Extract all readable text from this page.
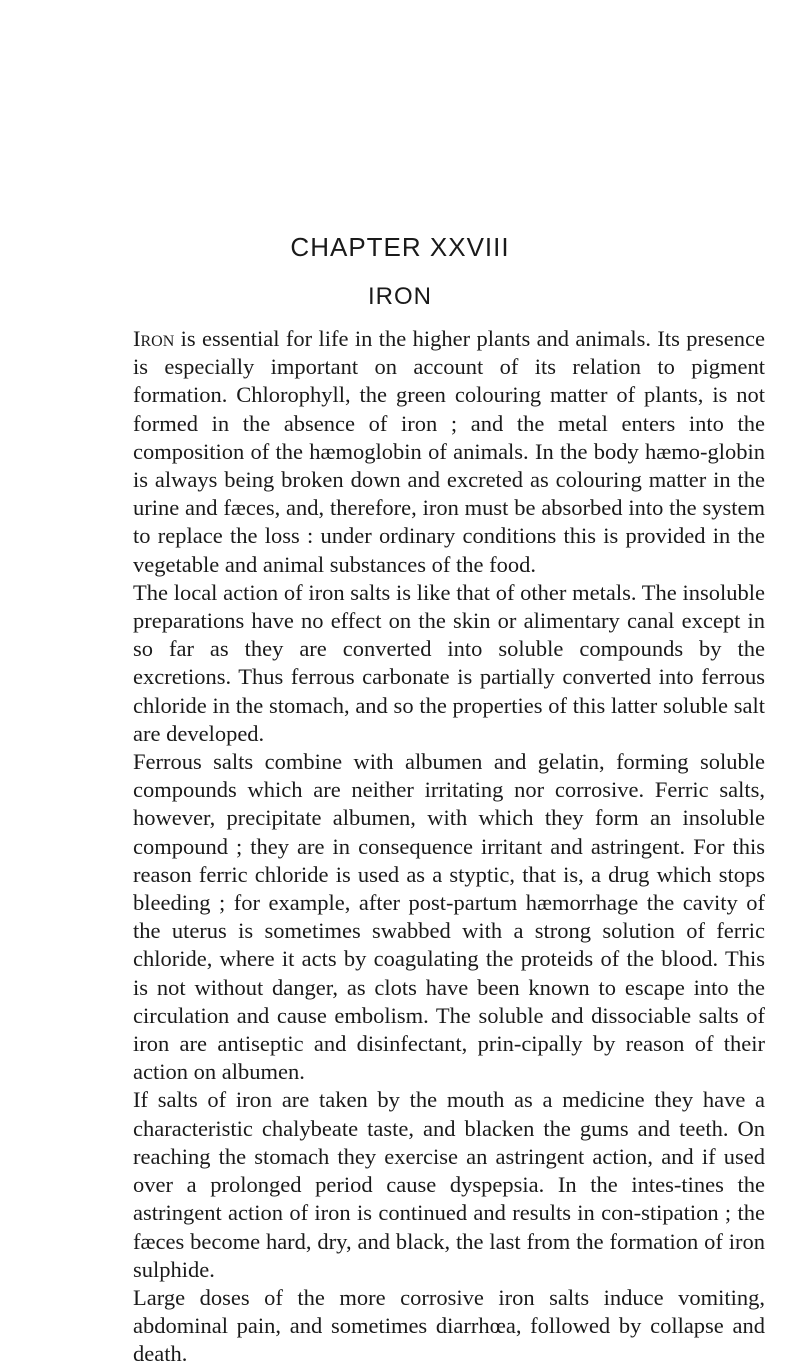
CHAPTER XXVIII
IRON

Iron is essential for life in the higher plants and animals. Its presence is especially important on account of its relation to pigment formation. Chlorophyll, the green colouring matter of plants, is not formed in the absence of iron ; and the metal enters into the composition of the hæmoglobin of animals. In the body hæmo-globin is always being broken down and excreted as colouring matter in the urine and fæces, and, therefore, iron must be absorbed into the system to replace the loss : under ordinary conditions this is provided in the vegetable and animal substances of the food.

The local action of iron salts is like that of other metals. The insoluble preparations have no effect on the skin or alimentary canal except in so far as they are converted into soluble compounds by the excretions. Thus ferrous carbonate is partially converted into ferrous chloride in the stomach, and so the properties of this latter soluble salt are developed.

Ferrous salts combine with albumen and gelatin, forming soluble compounds which are neither irritating nor corrosive. Ferric salts, however, precipitate albumen, with which they form an insoluble compound ; they are in consequence irritant and astringent. For this reason ferric chloride is used as a styptic, that is, a drug which stops bleeding ; for example, after post-partum hæmorrhage the cavity of the uterus is sometimes swabbed with a strong solution of ferric chloride, where it acts by coagulating the proteids of the blood. This is not without danger, as clots have been known to escape into the circulation and cause embolism. The soluble and dissociable salts of iron are antiseptic and disinfectant, prin-cipally by reason of their action on albumen.

If salts of iron are taken by the mouth as a medicine they have a characteristic chalybeate taste, and blacken the gums and teeth. On reaching the stomach they exercise an astringent action, and if used over a prolonged period cause dyspepsia. In the intes-tines the astringent action of iron is continued and results in con-stipation ; the fæces become hard, dry, and black, the last from the formation of iron sulphide.

Large doses of the more corrosive iron salts induce vomiting, abdominal pain, and sometimes diarrhœa, followed by collapse and death.
